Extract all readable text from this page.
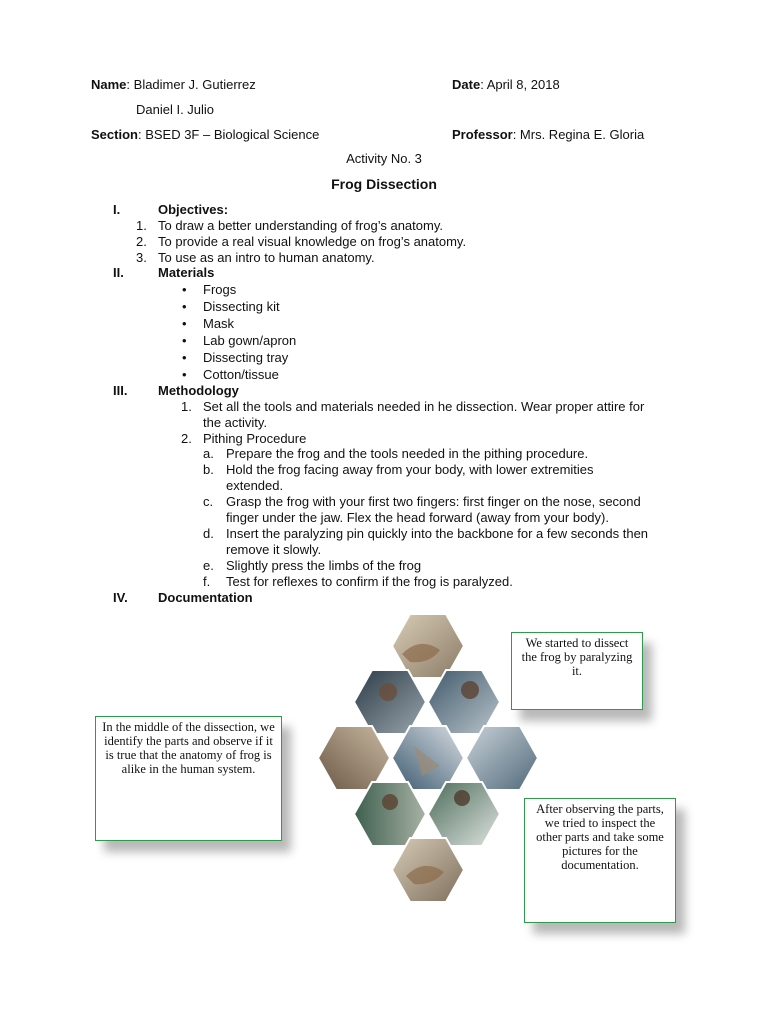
Name: Bladimer J. Gutierrez
Daniel I. Julio
Date: April 8, 2018
Section: BSED 3F – Biological Science	Professor: Mrs. Regina E. Gloria
Activity No. 3
Frog Dissection
I.	Objectives:
1. To draw a better understanding of frog’s anatomy.
2. To provide a real visual knowledge on frog’s anatomy.
3. To use as an intro to human anatomy.
II.	Materials
• Frogs
• Dissecting kit
• Mask
• Lab gown/apron
• Dissecting tray
• Cotton/tissue
III. Methodology
1. Set all the tools and materials needed in he dissection. Wear proper attire for
the activity.
2. Pithing Procedure
a. Prepare the frog and the tools needed in the pithing procedure.
b. Hold the frog facing away from your body, with lower extremities
extended.
c. Grasp the frog with your first two fingers: first finger on the nose, second
finger under the jaw. Flex the head forward (away from your body).
d. Insert the paralyzing pin quickly into the backbone for a few seconds then
remove it slowly.
e. Slightly press the limbs of the frog
f. Test for reflexes to confirm if the frog is paralyzed.
IV. Documentation
We started to dissect the frog by paralyzing it.
In the middle of the dissection, we identify the parts and observe if it is true that the anatomy of frog is alike in the human system.
After observing the parts, we tried to inspect the other parts and take some pictures for the documentation.
